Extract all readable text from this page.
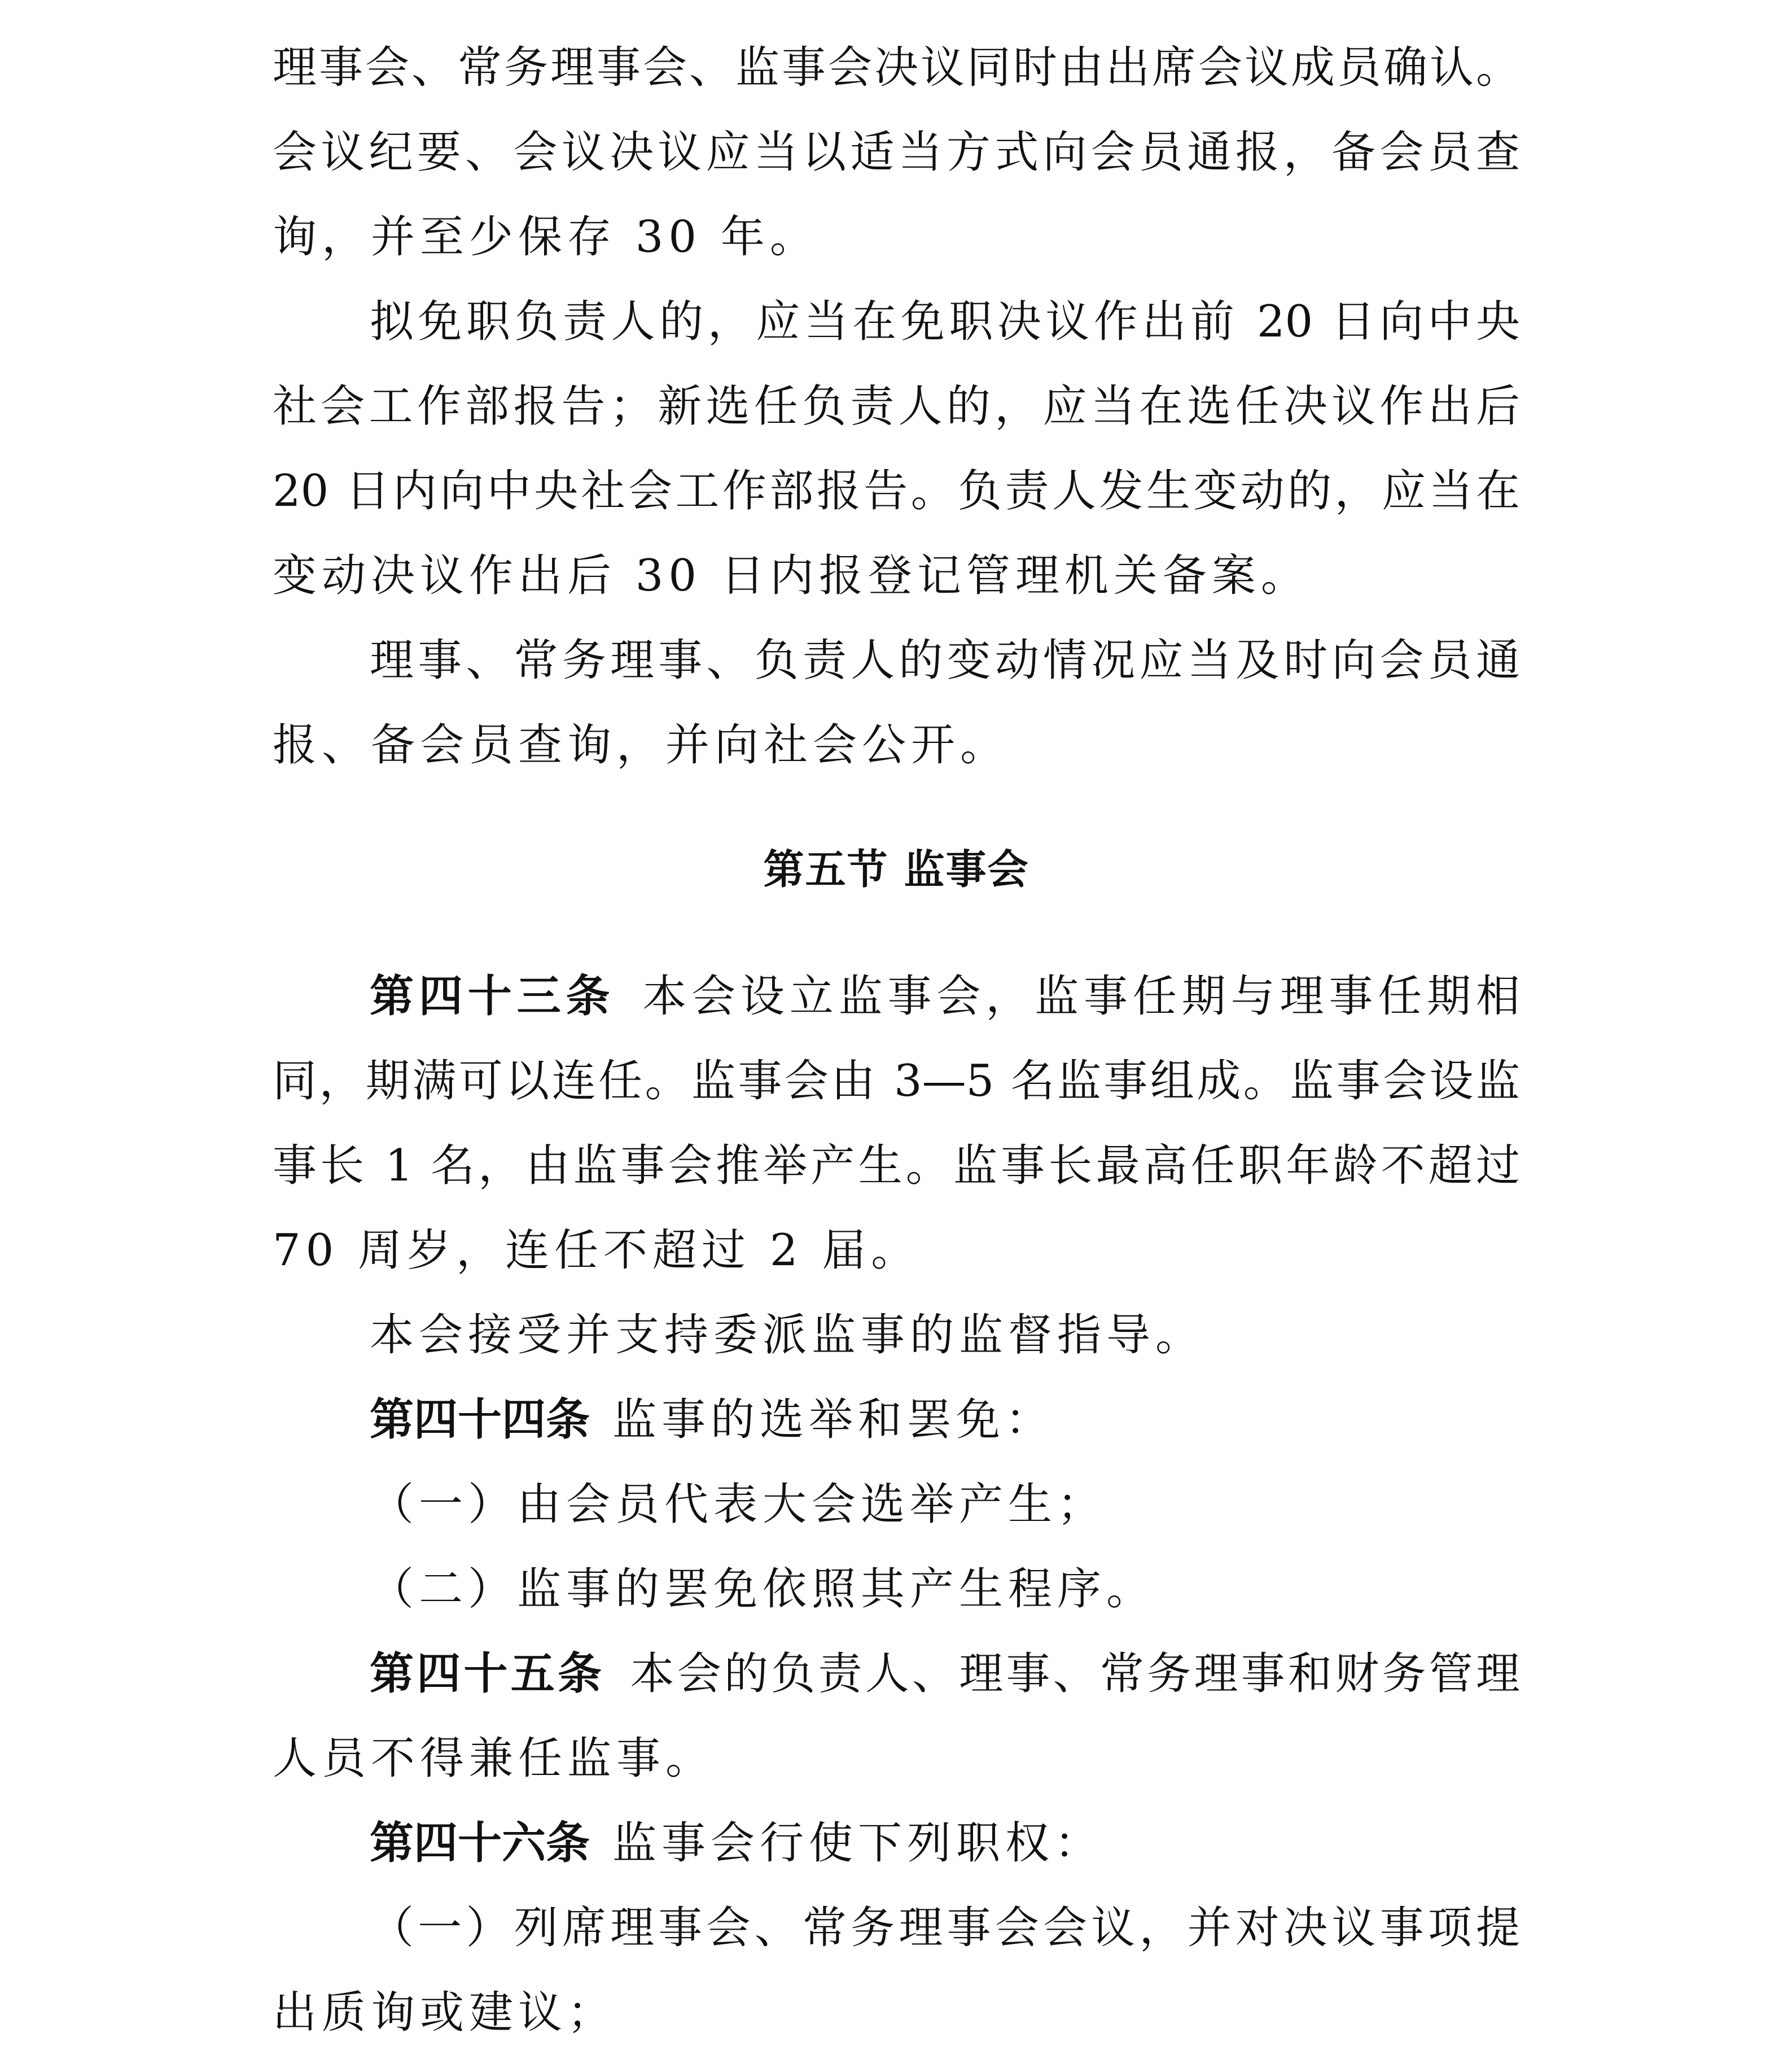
理事会、常务理事会、监事会决议同时由出席会议成员确认。
会议纪要、会议决议应当以适当方式向会员通报，备会员查
询，并至少保存 30 年。
拟免职负责人的，应当在免职决议作出前 20 日向中央
社会工作部报告；新选任负责人的，应当在选任决议作出后
20 日内向中央社会工作部报告。负责人发生变动的，应当在
变动决议作出后 30 日内报登记管理机关备案。
理事、常务理事、负责人的变动情况应当及时向会员通
报、备会员查询，并向社会公开。
第五节 监事会
第四十三条 本会设立监事会，监事任期与理事任期相
同，期满可以连任。监事会由 3—5 名监事组成。监事会设监
事长 1 名，由监事会推举产生。监事长最高任职年龄不超过
70 周岁，连任不超过 2 届。
本会接受并支持委派监事的监督指导。
第四十四条 监事的选举和罢免：
（一）由会员代表大会选举产生；
（二）监事的罢免依照其产生程序。
第四十五条 本会的负责人、理事、常务理事和财务管理
人员不得兼任监事。
第四十六条 监事会行使下列职权：
（一）列席理事会、常务理事会会议，并对决议事项提
出质询或建议；
